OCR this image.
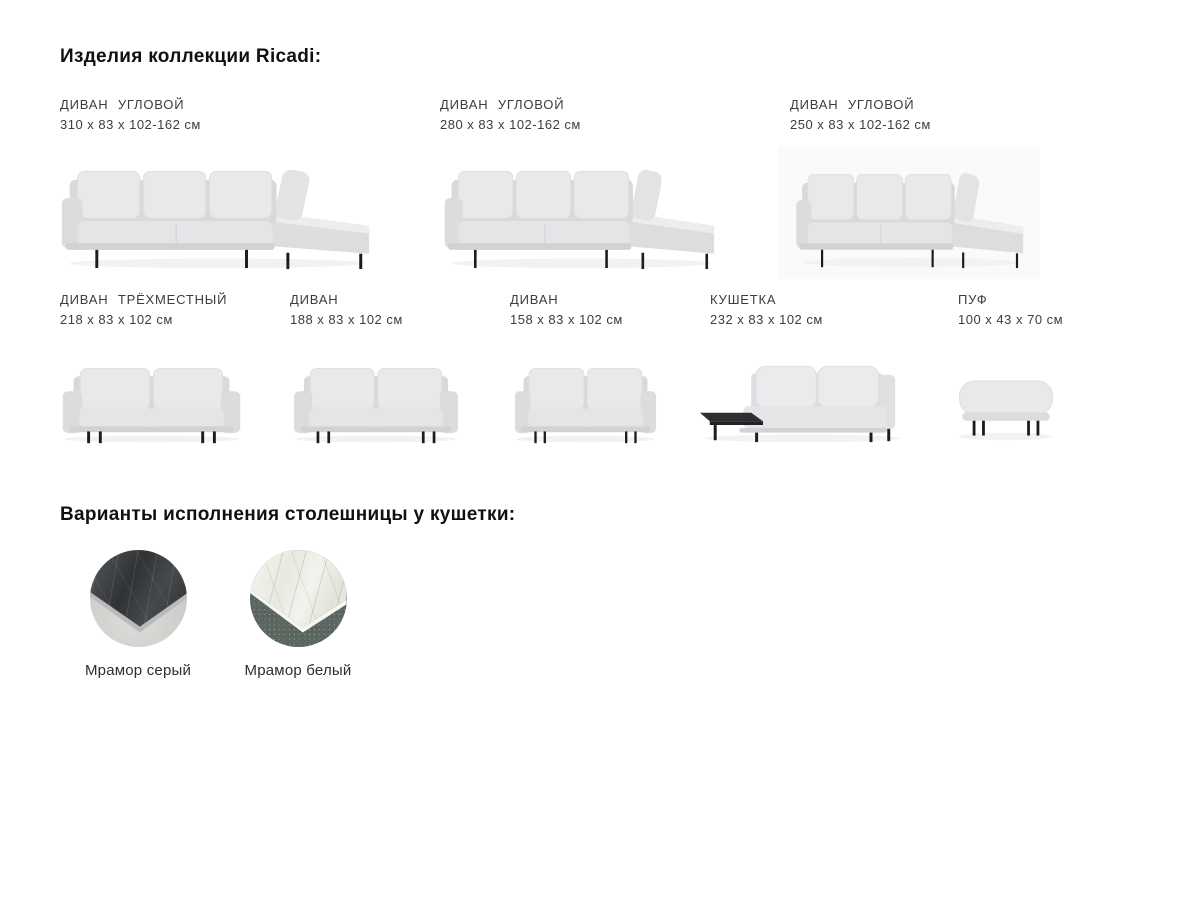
Изделия коллекции Ricadi:
ДИВАН УГЛОВОЙ
310 x 83 x 102-162 см
ДИВАН УГЛОВОЙ
280 x 83 x 102-162 см
ДИВАН УГЛОВОЙ
250 x 83 x 102-162 см
ДИВАН ТРЁХМЕСТНЫЙ
218 x 83 x 102 см
ДИВАН
188 x 83 x 102 см
ДИВАН
158 x 83 x 102 см
КУШЕТКА
232 x 83 x 102 см
ПУФ
100 x 43 x 70 см
Варианты исполнения столешницы у кушетки:
Мрамор серый	Мрамор белый
